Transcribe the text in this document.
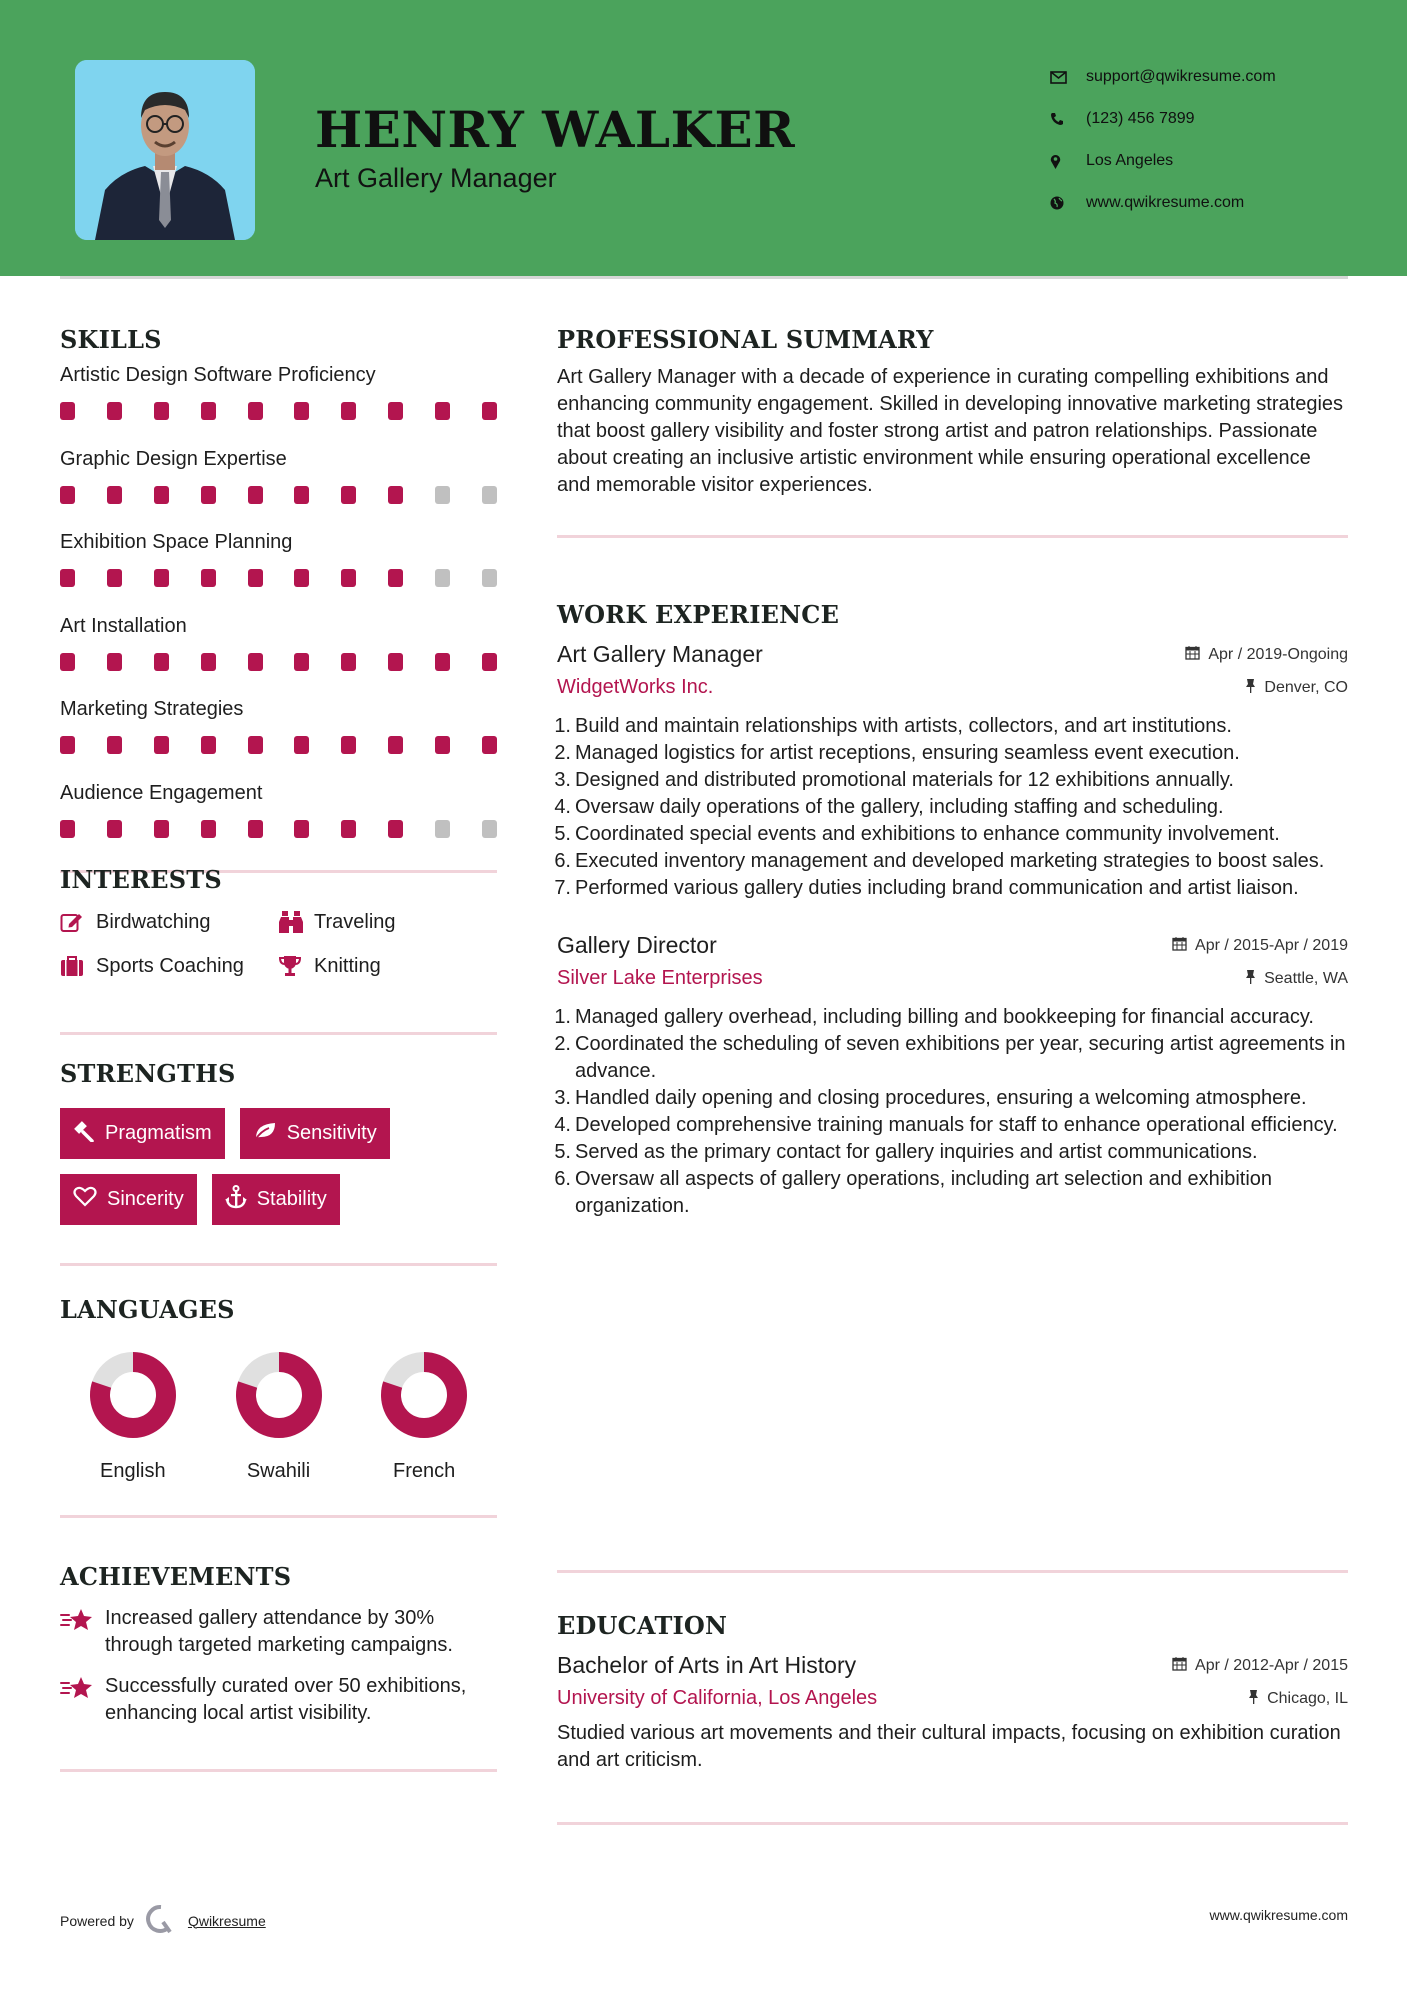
HENRY WALKER
Art Gallery Manager
support@qwikresume.com
(123) 456 7899
Los Angeles
www.qwikresume.com
SKILLS
Artistic Design Software Proficiency
Graphic Design Expertise
Exhibition Space Planning
Art Installation
Marketing Strategies
Audience Engagement
INTERESTS
Birdwatching	Traveling
Sports Coaching	Knitting
STRENGTHS
Pragmatism	Sensitivity
Sincerity	Stability
LANGUAGES
English	Swahili	French
ACHIEVEMENTS
Increased gallery attendance by 30% through targeted marketing campaigns.
Successfully curated over 50 exhibitions, enhancing local artist visibility.
PROFESSIONAL SUMMARY

Art Gallery Manager with a decade of experience in curating compelling exhibitions and enhancing community engagement. Skilled in developing innovative marketing strategies that boost gallery visibility and foster strong artist and patron relationships. Passionate about creating an inclusive artistic environment while ensuring operational excellence and memorable visitor experiences.

WORK EXPERIENCE
Art Gallery Manager	Apr / 2019-Ongoing
WidgetWorks Inc.	Denver, CO
1. Build and maintain relationships with artists, collectors, and art institutions.
2. Managed logistics for artist receptions, ensuring seamless event execution.
3. Designed and distributed promotional materials for 12 exhibitions annually.
4. Oversaw daily operations of the gallery, including staffing and scheduling.
5. Coordinated special events and exhibitions to enhance community involvement.
6. Executed inventory management and developed marketing strategies to boost sales.
7. Performed various gallery duties including brand communication and artist liaison.
Gallery Director	Apr / 2015-Apr / 2019
Silver Lake Enterprises	Seattle, WA
1. Managed gallery overhead, including billing and bookkeeping for financial accuracy.
2. Coordinated the scheduling of seven exhibitions per year, securing artist agreements in advance.
3. Handled daily opening and closing procedures, ensuring a welcoming atmosphere.
4. Developed comprehensive training manuals for staff to enhance operational efficiency.
5. Served as the primary contact for gallery inquiries and artist communications.
6. Oversaw all aspects of gallery operations, including art selection and exhibition organization.
EDUCATION
Bachelor of Arts in Art History	Apr / 2012-Apr / 2015
University of California, Los Angeles	Chicago, IL

Studied various art movements and their cultural impacts, focusing on exhibition curation and art criticism.

Powered by	Qwikresume	www.qwikresume.com
